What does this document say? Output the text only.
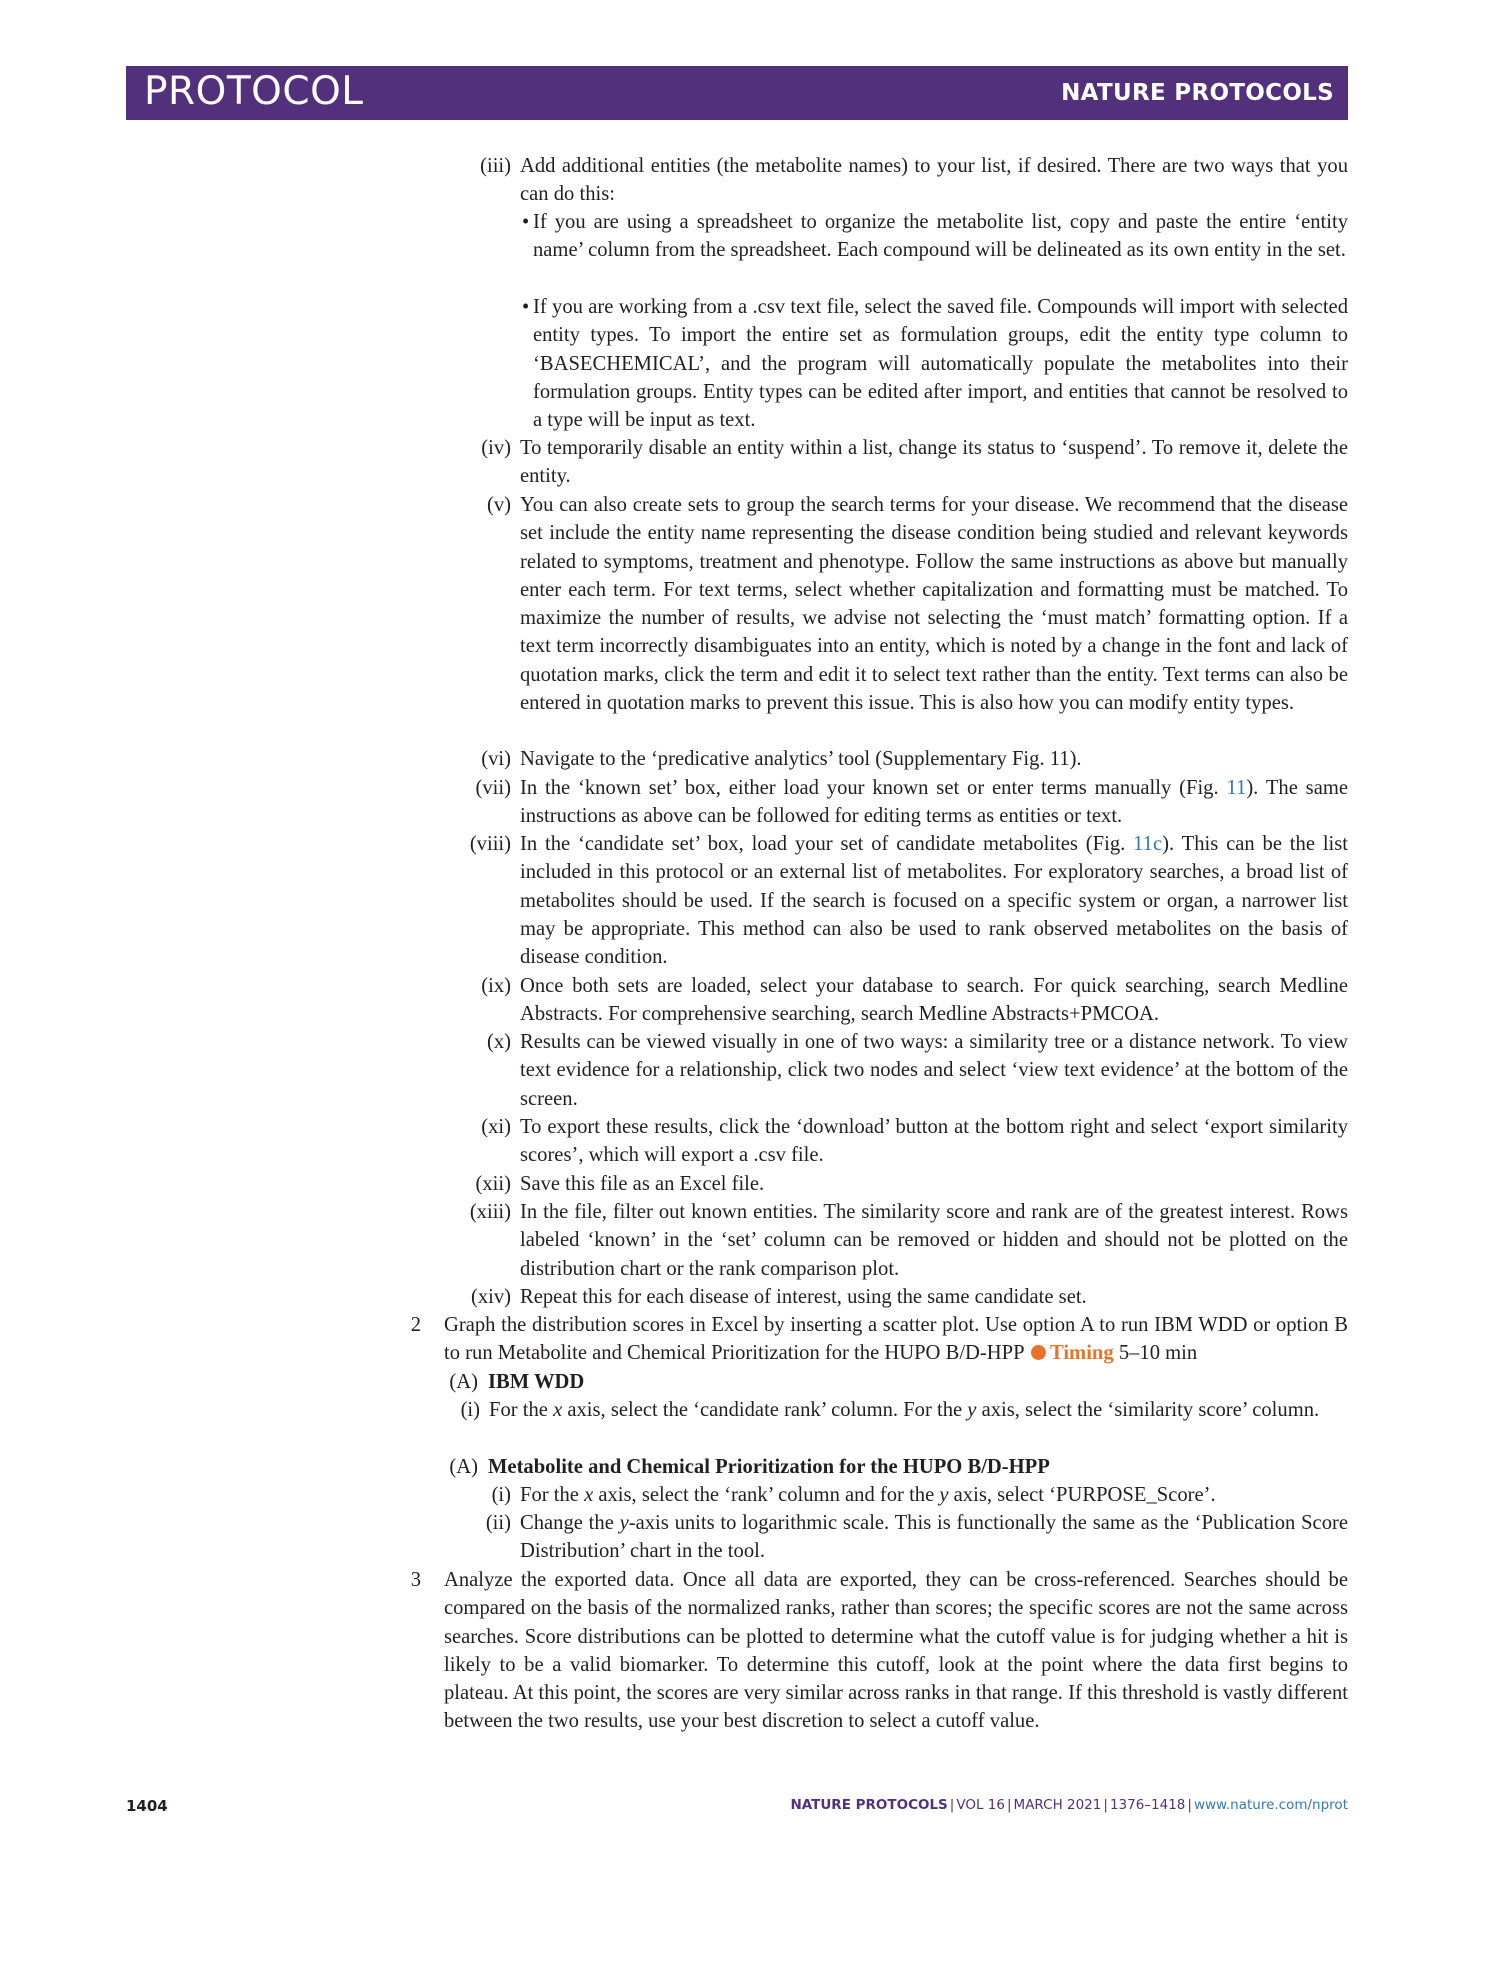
PROTOCOL	NATURE PROTOCOLS
(iii) Add additional entities (the metabolite names) to your list, if desired. There are two ways that you can do this:
• If you are using a spreadsheet to organize the metabolite list, copy and paste the entire ‘entity name’ column from the spreadsheet. Each compound will be delineated as its own entity in the set.
• If you are working from a .csv text file, select the saved file. Compounds will import with selected entity types. To import the entire set as formulation groups, edit the entity type column to ‘BASECHEMICAL’, and the program will automatically populate the metabolites into their formulation groups. Entity types can be edited after import, and entities that cannot be resolved to a type will be input as text.
(iv) To temporarily disable an entity within a list, change its status to ‘suspend’. To remove it, delete the entity.
(v) You can also create sets to group the search terms for your disease. We recommend that the disease set include the entity name representing the disease condition being studied and relevant keywords related to symptoms, treatment and phenotype. Follow the same instructions as above but manually enter each term. For text terms, select whether capitalization and formatting must be matched. To maximize the number of results, we advise not selecting the ‘must match’ formatting option. If a text term incorrectly disambiguates into an entity, which is noted by a change in the font and lack of quotation marks, click the term and edit it to select text rather than the entity. Text terms can also be entered in quotation marks to prevent this issue. This is also how you can modify entity types.
(vi) Navigate to the ‘predicative analytics’ tool (Supplementary Fig. 11).
(vii) In the ‘known set’ box, either load your known set or enter terms manually (Fig. 11). The same instructions as above can be followed for editing terms as entities or text.
(viii) In the ‘candidate set’ box, load your set of candidate metabolites (Fig. 11c). This can be the list included in this protocol or an external list of metabolites. For exploratory searches, a broad list of metabolites should be used. If the search is focused on a specific system or organ, a narrower list may be appropriate. This method can also be used to rank observed metabolites on the basis of disease condition.
(ix) Once both sets are loaded, select your database to search. For quick searching, search Medline Abstracts. For comprehensive searching, search Medline Abstracts+PMCOA.
(x) Results can be viewed visually in one of two ways: a similarity tree or a distance network. To view text evidence for a relationship, click two nodes and select ‘view text evidence’ at the bottom of the screen.
(xi) To export these results, click the ‘download’ button at the bottom right and select ‘export similarity scores’, which will export a .csv file.
(xii) Save this file as an Excel file.
(xiii) In the file, filter out known entities. The similarity score and rank are of the greatest interest. Rows labeled ‘known’ in the ‘set’ column can be removed or hidden and should not be plotted on the distribution chart or the rank comparison plot.
(xiv) Repeat this for each disease of interest, using the same candidate set.
2 Graph the distribution scores in Excel by inserting a scatter plot. Use option A to run IBM WDD or option B to run Metabolite and Chemical Prioritization for the HUPO B/D-HPP Timing 5–10 min
(A) IBM WDD
(i) For the x axis, select the ‘candidate rank’ column. For the y axis, select the ‘similarity score’ column.
(A) Metabolite and Chemical Prioritization for the HUPO B/D-HPP
(i) For the x axis, select the ‘rank’ column and for the y axis, select ‘PURPOSE_Score’.
(ii) Change the y-axis units to logarithmic scale. This is functionally the same as the ‘Publication Score Distribution’ chart in the tool.
3 Analyze the exported data. Once all data are exported, they can be cross-referenced. Searches should be compared on the basis of the normalized ranks, rather than scores; the specific scores are not the same across searches. Score distributions can be plotted to determine what the cutoff value is for judging whether a hit is likely to be a valid biomarker. To determine this cutoff, look at the point where the data first begins to plateau. At this point, the scores are very similar across ranks in that range. If this threshold is vastly different between the two results, use your best discretion to select a cutoff value.
1404	NATURE PROTOCOLS | VOL 16 | MARCH 2021 | 1376–1418 | www.nature.com/nprot
